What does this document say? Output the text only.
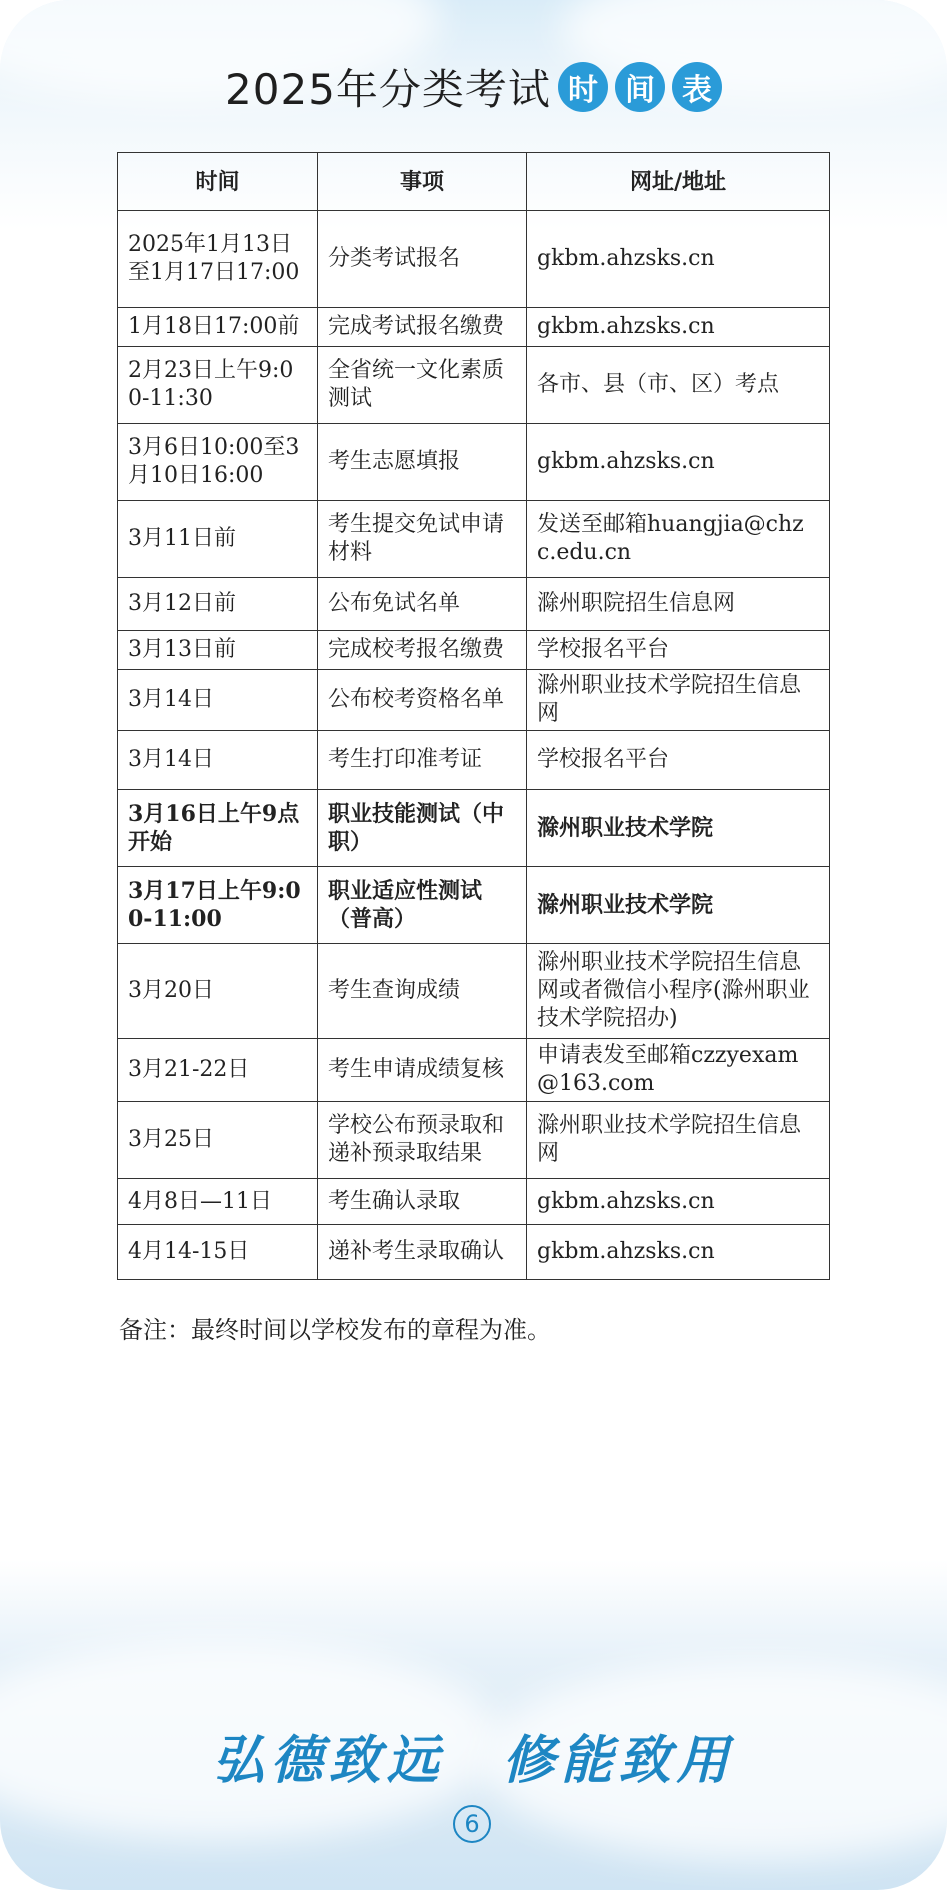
2025年分类考试 时 间 表
时间	事项	网址/地址
2025年1月13日至1月17日17:00	分类考试报名	gkbm.ahzsks.cn
1月18日17:00前	完成考试报名缴费	gkbm.ahzsks.cn
2月23日上午9:00-11:30	全省统一文化素质测试	各市、县（市、区）考点
3月6日10:00至3月10日16:00	考生志愿填报	gkbm.ahzsks.cn
3月11日前	考生提交免试申请材料	发送至邮箱huangjia@chzc.edu.cn
3月12日前	公布免试名单	滁州职院招生信息网
3月13日前	完成校考报名缴费	学校报名平台
3月14日	公布校考资格名单	滁州职业技术学院招生信息网
3月14日	考生打印准考证	学校报名平台
3月16日上午9点开始	职业技能测试（中职）	滁州职业技术学院
3月17日上午9:00-11:00	职业适应性测试（普高）	滁州职业技术学院
3月20日	考生查询成绩	滁州职业技术学院招生信息网或者微信小程序(滁州职业技术学院招办)
3月21-22日	考生申请成绩复核	申请表发至邮箱czzyexam@163.com
3月25日	学校公布预录取和递补预录取结果	滁州职业技术学院招生信息网
4月8日—11日	考生确认录取	gkbm.ahzsks.cn
4月14-15日	递补考生录取确认	gkbm.ahzsks.cn
备注：最终时间以学校发布的章程为准。
弘德致远　修能致用
6
